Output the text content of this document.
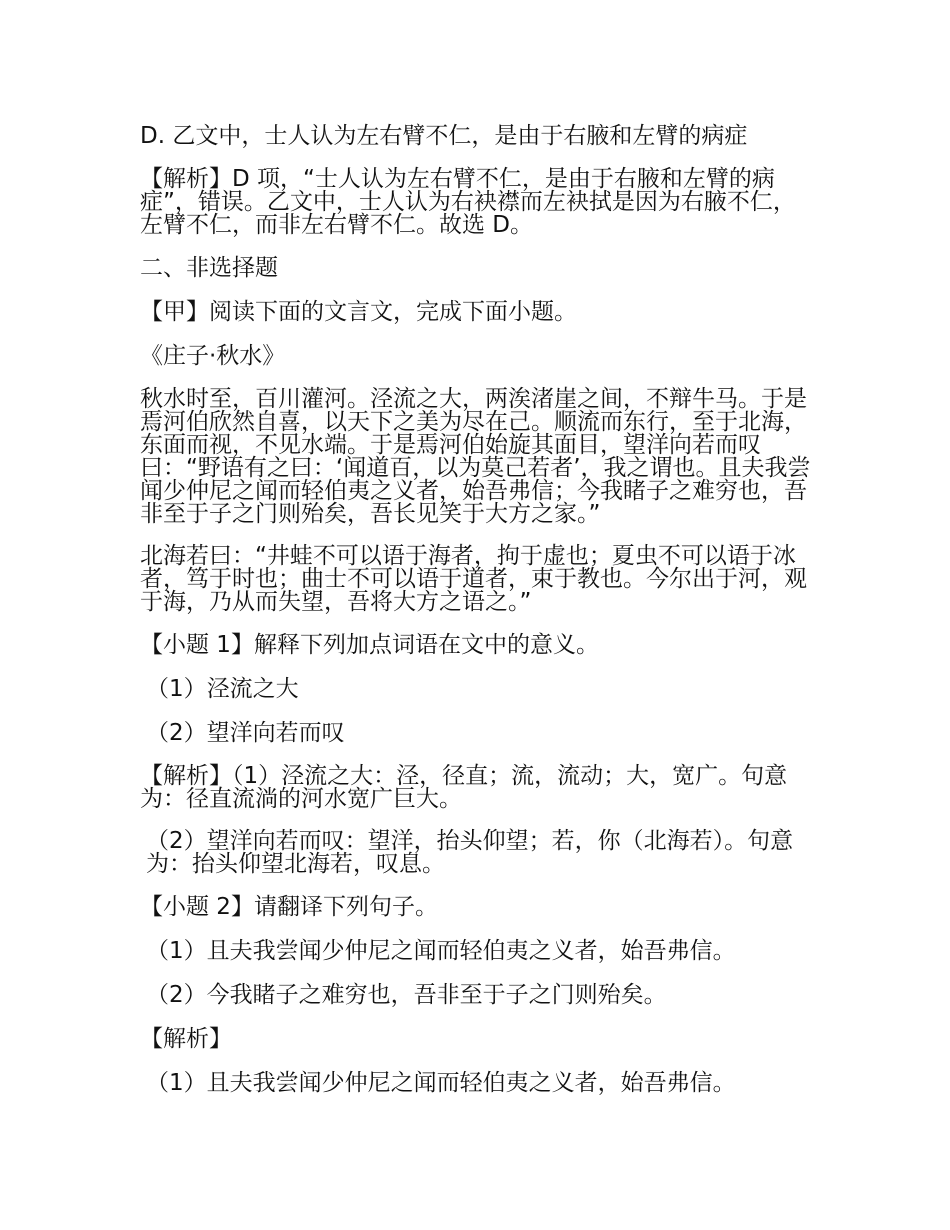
D. 乙文中，士人认为左右臂不仁，是由于右腋和左臂的病症

【解析】D 项，“士人认为左右臂不仁，是由于右腋和左臂的病症”，错误。乙文中，士人认为右袂襟而左袂拭是因为右腋不仁，左臂不仁，而非左右臂不仁。故选 D。

二、非选择题

【甲】阅读下面的文言文，完成下面小题。

《庄子·秋水》

秋水时至，百川灌河。泾流之大，两涘渚崖之间，不辩牛马。于是焉河伯欣然自喜，以天下之美为尽在己。顺流而东行，至于北海，东面而视，不见水端。于是焉河伯始旋其面目，望洋向若而叹曰：“野语有之曰：‘闻道百，以为莫己若者’，我之谓也。且夫我尝闻少仲尼之闻而轻伯夷之义者，始吾弗信；今我睹子之难穷也，吾非至于子之门则殆矣，吾长见笑于大方之家。”

北海若曰：“井蛙不可以语于海者，拘于虚也；夏虫不可以语于冰者，笃于时也；曲士不可以语于道者，束于教也。今尔出于河，观于海，乃从而失望，吾将大方之语之。”

【小题 1】解释下列加点词语在文中的意义。

（1）泾流之大

（2）望洋向若而叹

【解析】（1）泾流之大：泾，径直；流，流动；大，宽广。句意为：径直流淌的河水宽广巨大。

（2）望洋向若而叹：望洋，抬头仰望；若，你（北海若）。句意为：抬头仰望北海若，叹息。

【小题 2】请翻译下列句子。

（1）且夫我尝闻少仲尼之闻而轻伯夷之义者，始吾弗信。

（2）今我睹子之难穷也，吾非至于子之门则殆矣。

【解析】

（1）且夫我尝闻少仲尼之闻而轻伯夷之义者，始吾弗信。
